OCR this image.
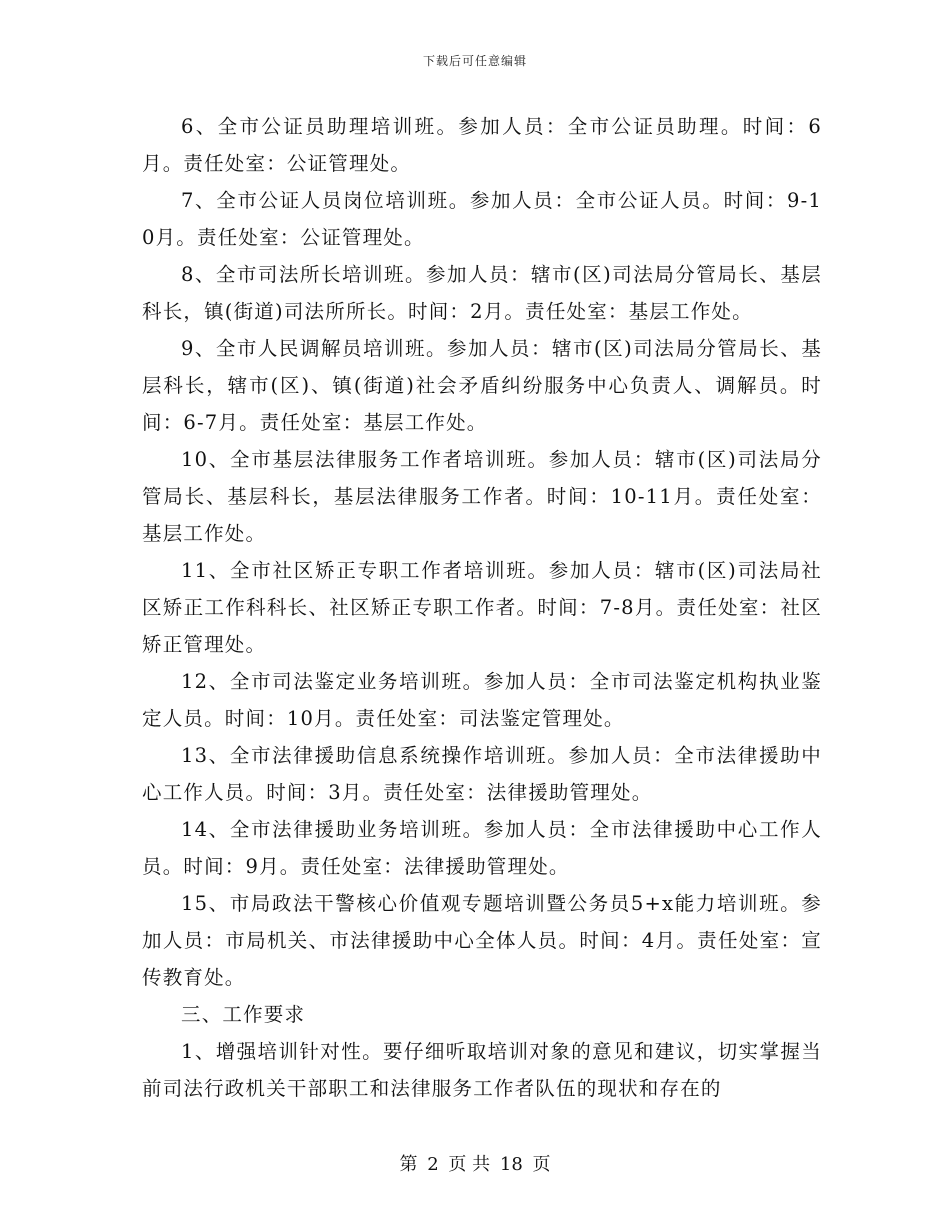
下载后可任意编辑

6、全市公证员助理培训班。参加人员：全市公证员助理。时间：6月。责任处室：公证管理处。

7、全市公证人员岗位培训班。参加人员：全市公证人员。时间：9-10月。责任处室：公证管理处。

8、全市司法所长培训班。参加人员：辖市(区)司法局分管局长、基层科长，镇(街道)司法所所长。时间：2月。责任处室：基层工作处。

9、全市人民调解员培训班。参加人员：辖市(区)司法局分管局长、基层科长，辖市(区)、镇(街道)社会矛盾纠纷服务中心负责人、调解员。时间：6-7月。责任处室：基层工作处。

10、全市基层法律服务工作者培训班。参加人员：辖市(区)司法局分管局长、基层科长，基层法律服务工作者。时间：10-11月。责任处室：基层工作处。

11、全市社区矫正专职工作者培训班。参加人员：辖市(区)司法局社区矫正工作科科长、社区矫正专职工作者。时间：7-8月。责任处室：社区矫正管理处。

12、全市司法鉴定业务培训班。参加人员：全市司法鉴定机构执业鉴定人员。时间：10月。责任处室：司法鉴定管理处。

13、全市法律援助信息系统操作培训班。参加人员：全市法律援助中心工作人员。时间：3月。责任处室：法律援助管理处。

14、全市法律援助业务培训班。参加人员：全市法律援助中心工作人员。时间：9月。责任处室：法律援助管理处。

15、市局政法干警核心价值观专题培训暨公务员5+x能力培训班。参加人员：市局机关、市法律援助中心全体人员。时间：4月。责任处室：宣传教育处。

三、工作要求

1、增强培训针对性。要仔细听取培训对象的意见和建议，切实掌握当前司法行政机关干部职工和法律服务工作者队伍的现状和存在的

第 2 页 共 18 页
